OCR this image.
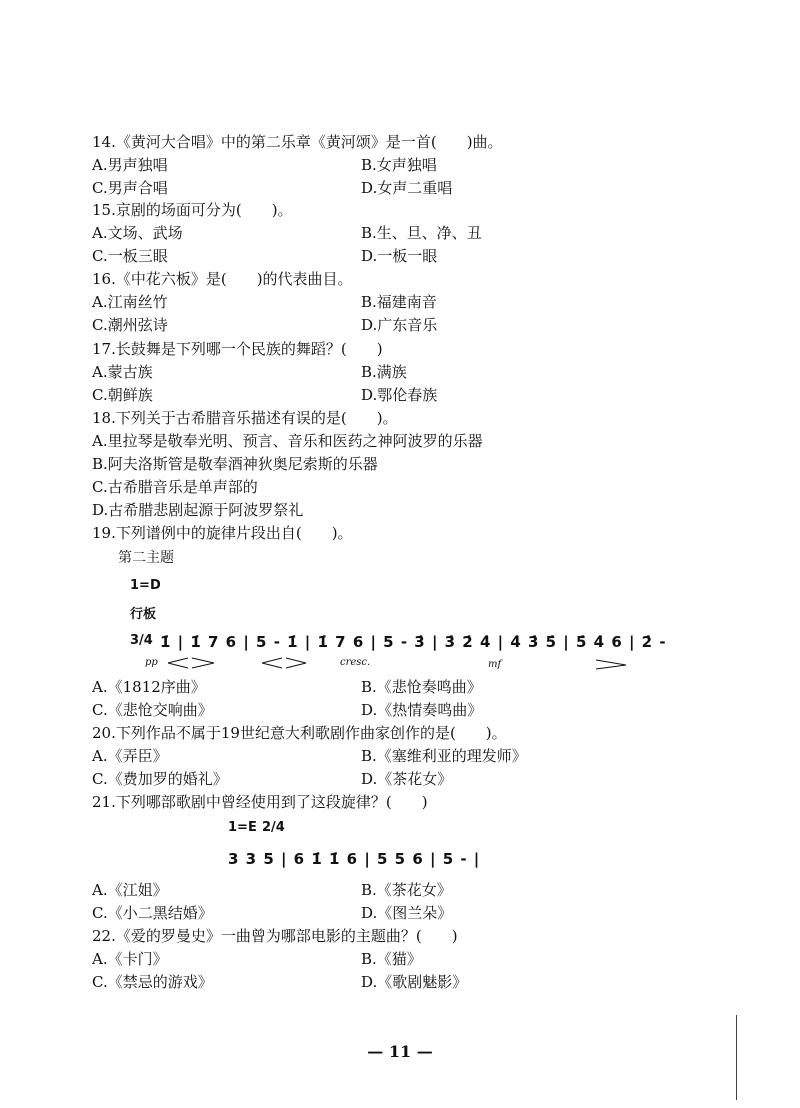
14.《黄河大合唱》中的第二乐章《黄河颂》是一首(　　)曲。
A.男声独唱	B.女声独唱
C.男声合唱	D.女声二重唱
15.京剧的场面可分为(　　)。
A.文场、武场	B.生、旦、净、丑
C.一板三眼	D.一板一眼
16.《中花六板》是(　　)的代表曲目。
A.江南丝竹	B.福建南音
C.潮州弦诗	D.广东音乐
17.长鼓舞是下列哪一个民族的舞蹈？(　　)
A.蒙古族	B.满族
C.朝鲜族	D.鄂伦春族
18.下列关于古希腊音乐描述有误的是(　　)。
A.里拉琴是敬奉光明、预言、音乐和医药之神阿波罗的乐器
B.阿夫洛斯管是敬奉酒神狄奥尼索斯的乐器
C.古希腊音乐是单声部的
D.古希腊悲剧起源于阿波罗祭礼
19.下列谱例中的旋律片段出自(　　)。
第二主题
1=D
行板
3/4 1̇ | 1̇ 7 6 | 5 - 1̇ | 1̇ 7 6 | 5 - 3̇ | 3̇ 2̇ 4̇ | 4̇ 3̇ 5̇ | 5̇ 4̇ 6 | 2̇ -
pp	cresc.	mf
A.《1812序曲》	B.《悲怆奏鸣曲》
C.《悲怆交响曲》	D.《热情奏鸣曲》
20.下列作品不属于19世纪意大利歌剧作曲家创作的是(　　)。
A.《弄臣》	B.《塞维利亚的理发师》
C.《费加罗的婚礼》	D.《茶花女》
21.下列哪部歌剧中曾经使用到了这段旋律？(　　)
1=E 2/4
3 3 5 | 6 1̇ 1̇ 6 | 5 5 6 | 5 - |
A.《江姐》	B.《茶花女》
C.《小二黑结婚》	D.《图兰朵》
22.《爱的罗曼史》一曲曾为哪部电影的主题曲？(　　)
A.《卡门》	B.《猫》
C.《禁忌的游戏》	D.《歌剧魅影》
— 11 —
